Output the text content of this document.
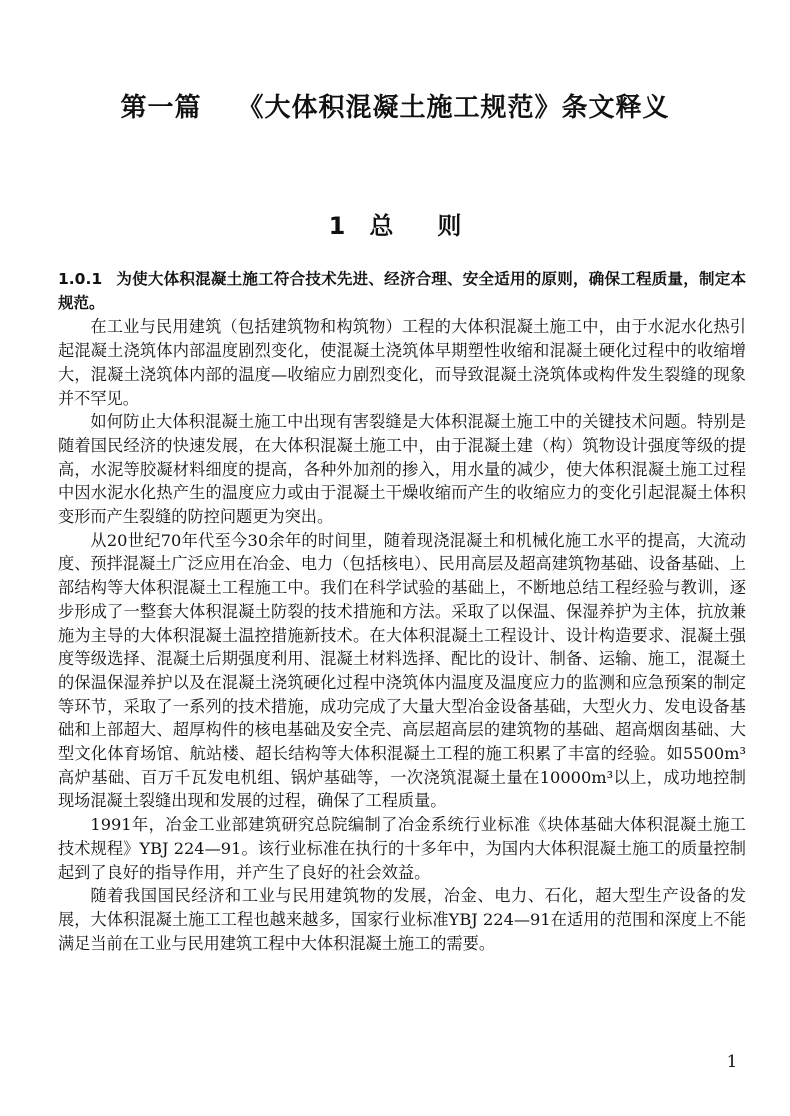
第一篇 《大体积混凝土施工规范》条文释义
1 总则

1.0.1 为使大体积混凝土施工符合技术先进、经济合理、安全适用的原则，确保工程质量，制定本规范。

在工业与民用建筑（包括建筑物和构筑物）工程的大体积混凝土施工中，由于水泥水化热引起混凝土浇筑体内部温度剧烈变化，使混凝土浇筑体早期塑性收缩和混凝土硬化过程中的收缩增大，混凝土浇筑体内部的温度—收缩应力剧烈变化，而导致混凝土浇筑体或构件发生裂缝的现象并不罕见。

如何防止大体积混凝土施工中出现有害裂缝是大体积混凝土施工中的关键技术问题。特别是随着国民经济的快速发展，在大体积混凝土施工中，由于混凝土建（构）筑物设计强度等级的提高，水泥等胶凝材料细度的提高，各种外加剂的掺入，用水量的减少，使大体积混凝土施工过程中因水泥水化热产生的温度应力或由于混凝土干燥收缩而产生的收缩应力的变化引起混凝土体积变形而产生裂缝的防控问题更为突出。

从20世纪70年代至今30余年的时间里，随着现浇混凝土和机械化施工水平的提高，大流动度、预拌混凝土广泛应用在冶金、电力（包括核电）、民用高层及超高建筑物基础、设备基础、上部结构等大体积混凝土工程施工中。我们在科学试验的基础上，不断地总结工程经验与教训，逐步形成了一整套大体积混凝土防裂的技术措施和方法。采取了以保温、保湿养护为主体，抗放兼施为主导的大体积混凝土温控措施新技术。在大体积混凝土工程设计、设计构造要求、混凝土强度等级选择、混凝土后期强度利用、混凝土材料选择、配比的设计、制备、运输、施工，混凝土的保温保湿养护以及在混凝土浇筑硬化过程中浇筑体内温度及温度应力的监测和应急预案的制定等环节，采取了一系列的技术措施，成功完成了大量大型冶金设备基础，大型火力、发电设备基础和上部超大、超厚构件的核电基础及安全壳、高层超高层的建筑物的基础、超高烟囱基础、大型文化体育场馆、航站楼、超长结构等大体积混凝土工程的施工积累了丰富的经验。如5500m³高炉基础、百万千瓦发电机组、锅炉基础等，一次浇筑混凝土量在10000m³以上，成功地控制现场混凝土裂缝出现和发展的过程，确保了工程质量。

1991年，冶金工业部建筑研究总院编制了冶金系统行业标准《块体基础大体积混凝土施工技术规程》YBJ 224—91。该行业标准在执行的十多年中，为国内大体积混凝土施工的质量控制起到了良好的指导作用，并产生了良好的社会效益。

随着我国国民经济和工业与民用建筑物的发展，冶金、电力、石化，超大型生产设备的发展，大体积混凝土施工工程也越来越多，国家行业标准YBJ 224—91在适用的范围和深度上不能满足当前在工业与民用建筑工程中大体积混凝土施工的需要。

1
